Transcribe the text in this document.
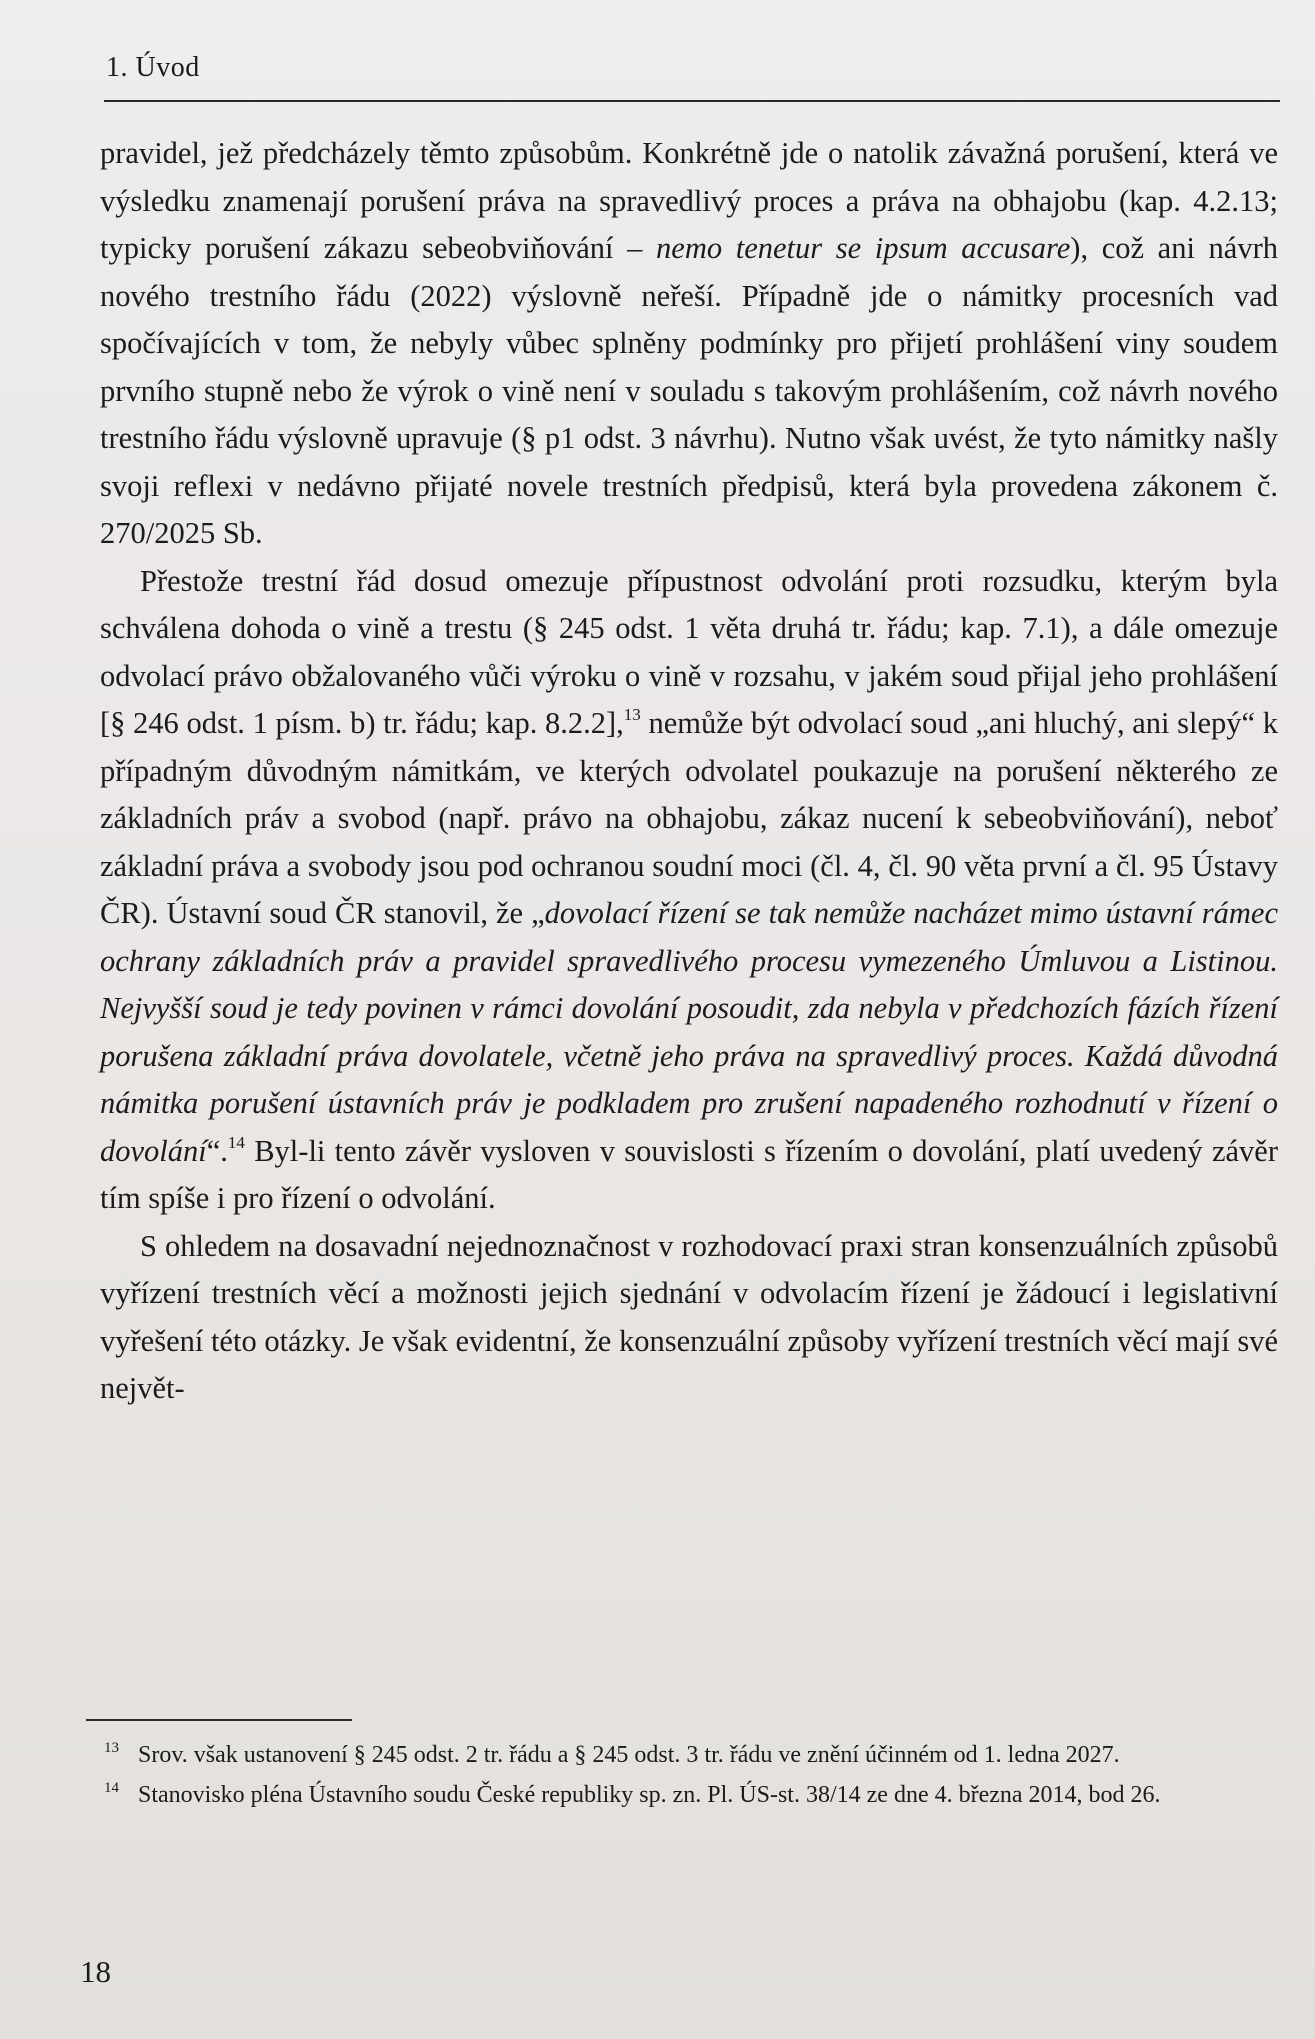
1. Úvod

pravidel, jež předcházely těmto způsobům. Konkrétně jde o natolik závažná porušení, která ve výsledku znamenají porušení práva na spravedlivý proces a práva na obhajobu (kap. 4.2.13; typicky porušení zákazu sebeobviňování – nemo tenetur se ipsum accusare), což ani návrh nového trestního řádu (2022) výslovně neřeší. Případně jde o námitky procesních vad spočívajících v tom, že nebyly vůbec splněny podmínky pro přijetí prohlášení viny soudem prvního stupně nebo že výrok o vině není v souladu s takovým prohlášením, což návrh nového trestního řádu výslovně upravuje (§ p1 odst. 3 návrhu). Nutno však uvést, že tyto námitky našly svoji reflexi v nedávno přijaté novele trestních předpisů, která byla provedena zákonem č. 270/2025 Sb.

Přestože trestní řád dosud omezuje přípustnost odvolání proti rozsudku, kterým byla schválena dohoda o vině a trestu (§ 245 odst. 1 věta druhá tr. řádu; kap. 7.1), a dále omezuje odvolací právo obžalovaného vůči výroku o vině v rozsahu, v jakém soud přijal jeho prohlášení [§ 246 odst. 1 písm. b) tr. řádu; kap. 8.2.2],$^{13}$ nemůže být odvolací soud „ani hluchý, ani slepý“ k případným důvodným námitkám, ve kterých odvolatel poukazuje na porušení některého ze základních práv a svobod (např. právo na obhajobu, zákaz nucení k sebeobviňování), neboť základní práva a svobody jsou pod ochranou soudní moci (čl. 4, čl. 90 věta první a čl. 95 Ústavy ČR). Ústavní soud ČR stanovil, že „dovolací řízení se tak nemůže nacházet mimo ústavní rámec ochrany základních práv a pravidel spravedlivého procesu vymezeného Úmluvou a Listinou. Nejvyšší soud je tedy povinen v rámci dovolání posoudit, zda nebyla v předchozích fázích řízení porušena základní práva dovolatele, včetně jeho práva na spravedlivý proces. Každá důvodná námitka porušení ústavních práv je podkladem pro zrušení napadeného rozhodnutí v řízení o dovolání“.$^{14}$ Byl-li tento závěr vysloven v souvislosti s řízením o dovolání, platí uvedený závěr tím spíše i pro řízení o odvolání.

S ohledem na dosavadní nejednoznačnost v rozhodovací praxi stran konsenzuálních způsobů vyřízení trestních věcí a možnosti jejich sjednání v odvolacím řízení je žádoucí i legislativní vyřešení této otázky. Je však evidentní, že konsenzuální způsoby vyřízení trestních věcí mají své největ-

13 Srov. však ustanovení § 245 odst. 2 tr. řádu a § 245 odst. 3 tr. řádu ve znění účinném od 1. ledna 2027.
14 Stanovisko pléna Ústavního soudu České republiky sp. zn. Pl. ÚS-st. 38/14 ze dne 4. března 2014, bod 26.
18
